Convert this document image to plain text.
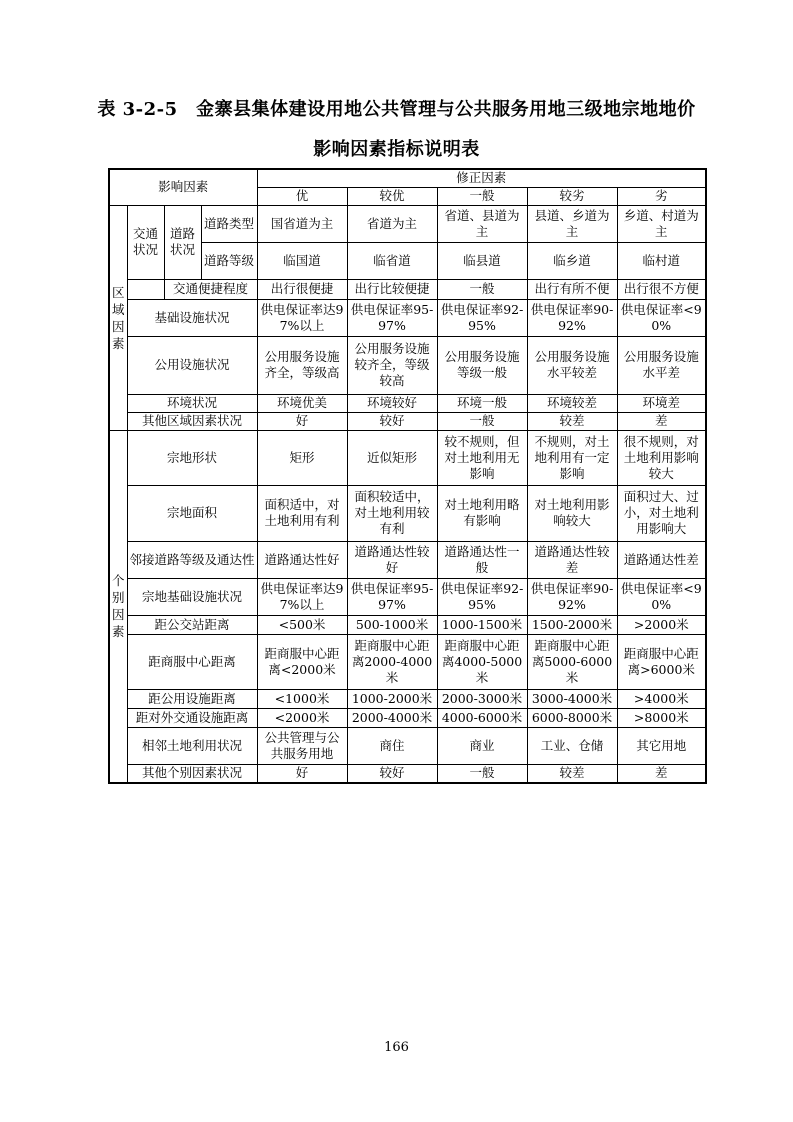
表 3-2-5　金寨县集体建设用地公共管理与公共服务用地三级地宗地地价
影响因素指标说明表
影响因素				修正因素				
				优	较优	一般	较劣	劣

区
域
因
素	交通状况	道路状况	道路类型	国省道为主	省道为主	省道、县道为主	县道、乡道为主	乡道、村道为主
			道路等级	临国道	临省道	临县道	临乡道	临村道
		交通便捷程度		出行很便捷	出行比较便捷	一般	出行有所不便	出行很不方便
	基础设施状况			供电保证率达97%以上	供电保证率95-97%	供电保证率92-95%	供电保证率90-92%	供电保证率<90%
	公用设施状况			公用服务设施齐全，等级高	公用服务设施较齐全，等级较高	公用服务设施等级一般	公用服务设施水平较差	公用服务设施水平差
	环境状况			环境优美	环境较好	环境一般	环境较差	环境差
	其他区域因素状况			好	较好	一般	较差	差

个
别
因
素	宗地形状			矩形	近似矩形	较不规则，但对土地利用无影响	不规则，对土地利用有一定影响	很不规则，对土地利用影响较大
	宗地面积			面积适中，对土地利用有利	面积较适中，对土地利用较有利	对土地利用略有影响	对土地利用影响较大	面积过大、过小，对土地利用影响大
	邻接道路等级及通达性			道路通达性好	道路通达性较好	道路通达性一般	道路通达性较差	道路通达性差
	宗地基础设施状况			供电保证率达97%以上	供电保证率95-97%	供电保证率92-95%	供电保证率90-92%	供电保证率<90%
	距公交站距离			<500米	500-1000米	1000-1500米	1500-2000米	>2000米
	距商服中心距离			距商服中心距离<2000米	距商服中心距离2000-4000米	距商服中心距离4000-5000米	距商服中心距离5000-6000米	距商服中心距离>6000米
	距公用设施距离			<1000米	1000-2000米	2000-3000米	3000-4000米	>4000米
	距对外交通设施距离			<2000米	2000-4000米	4000-6000米	6000-8000米	>8000米
	相邻土地利用状况			公共管理与公共服务用地	商住	商业	工业、仓储	其它用地
	其他个别因素状况			好	较好	一般	较差	差
166
